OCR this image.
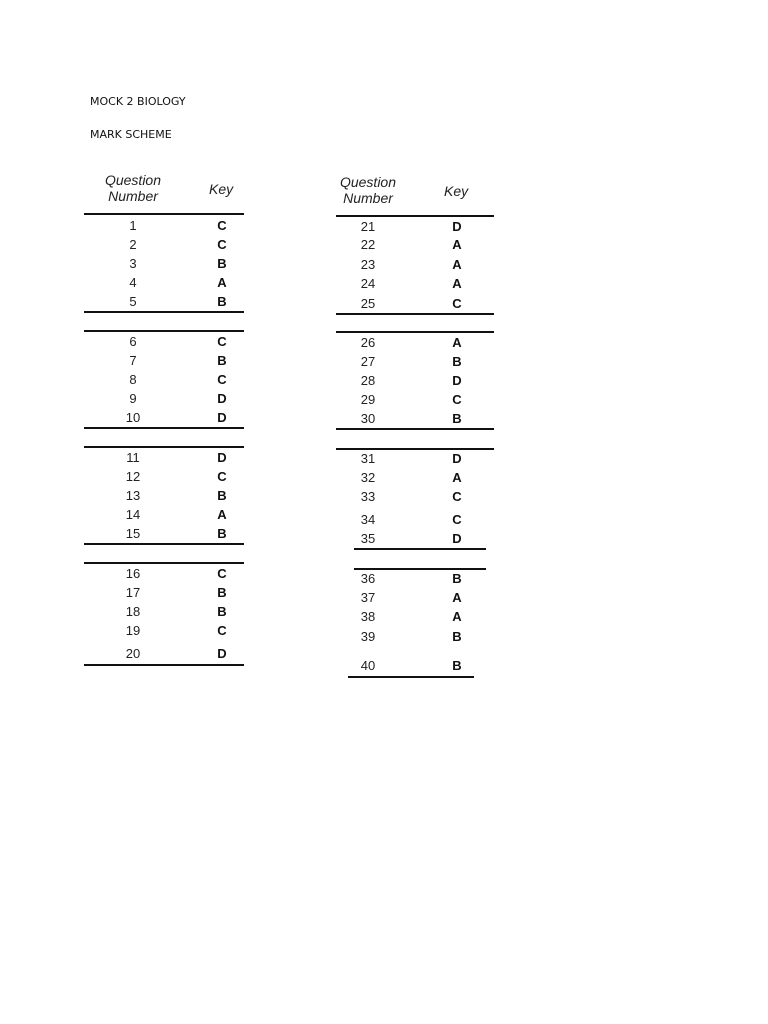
MOCK 2 BIOLOGY
MARK SCHEME
Question
Number	Key
1	C
2	C
3	B
4	A
5	B
6	C
7	B
8	C
9	D
10	D
11	D
12	C
13	B
14	A
15	B
16	C
17	B
18	B
19	C
20	D
Question
Number	Key
21	D
22	A
23	A
24	A
25	C
26	A
27	B
28	D
29	C
30	B
31	D
32	A
33	C
34	C
35	D
36	B
37	A
38	A
39	B
40	B
